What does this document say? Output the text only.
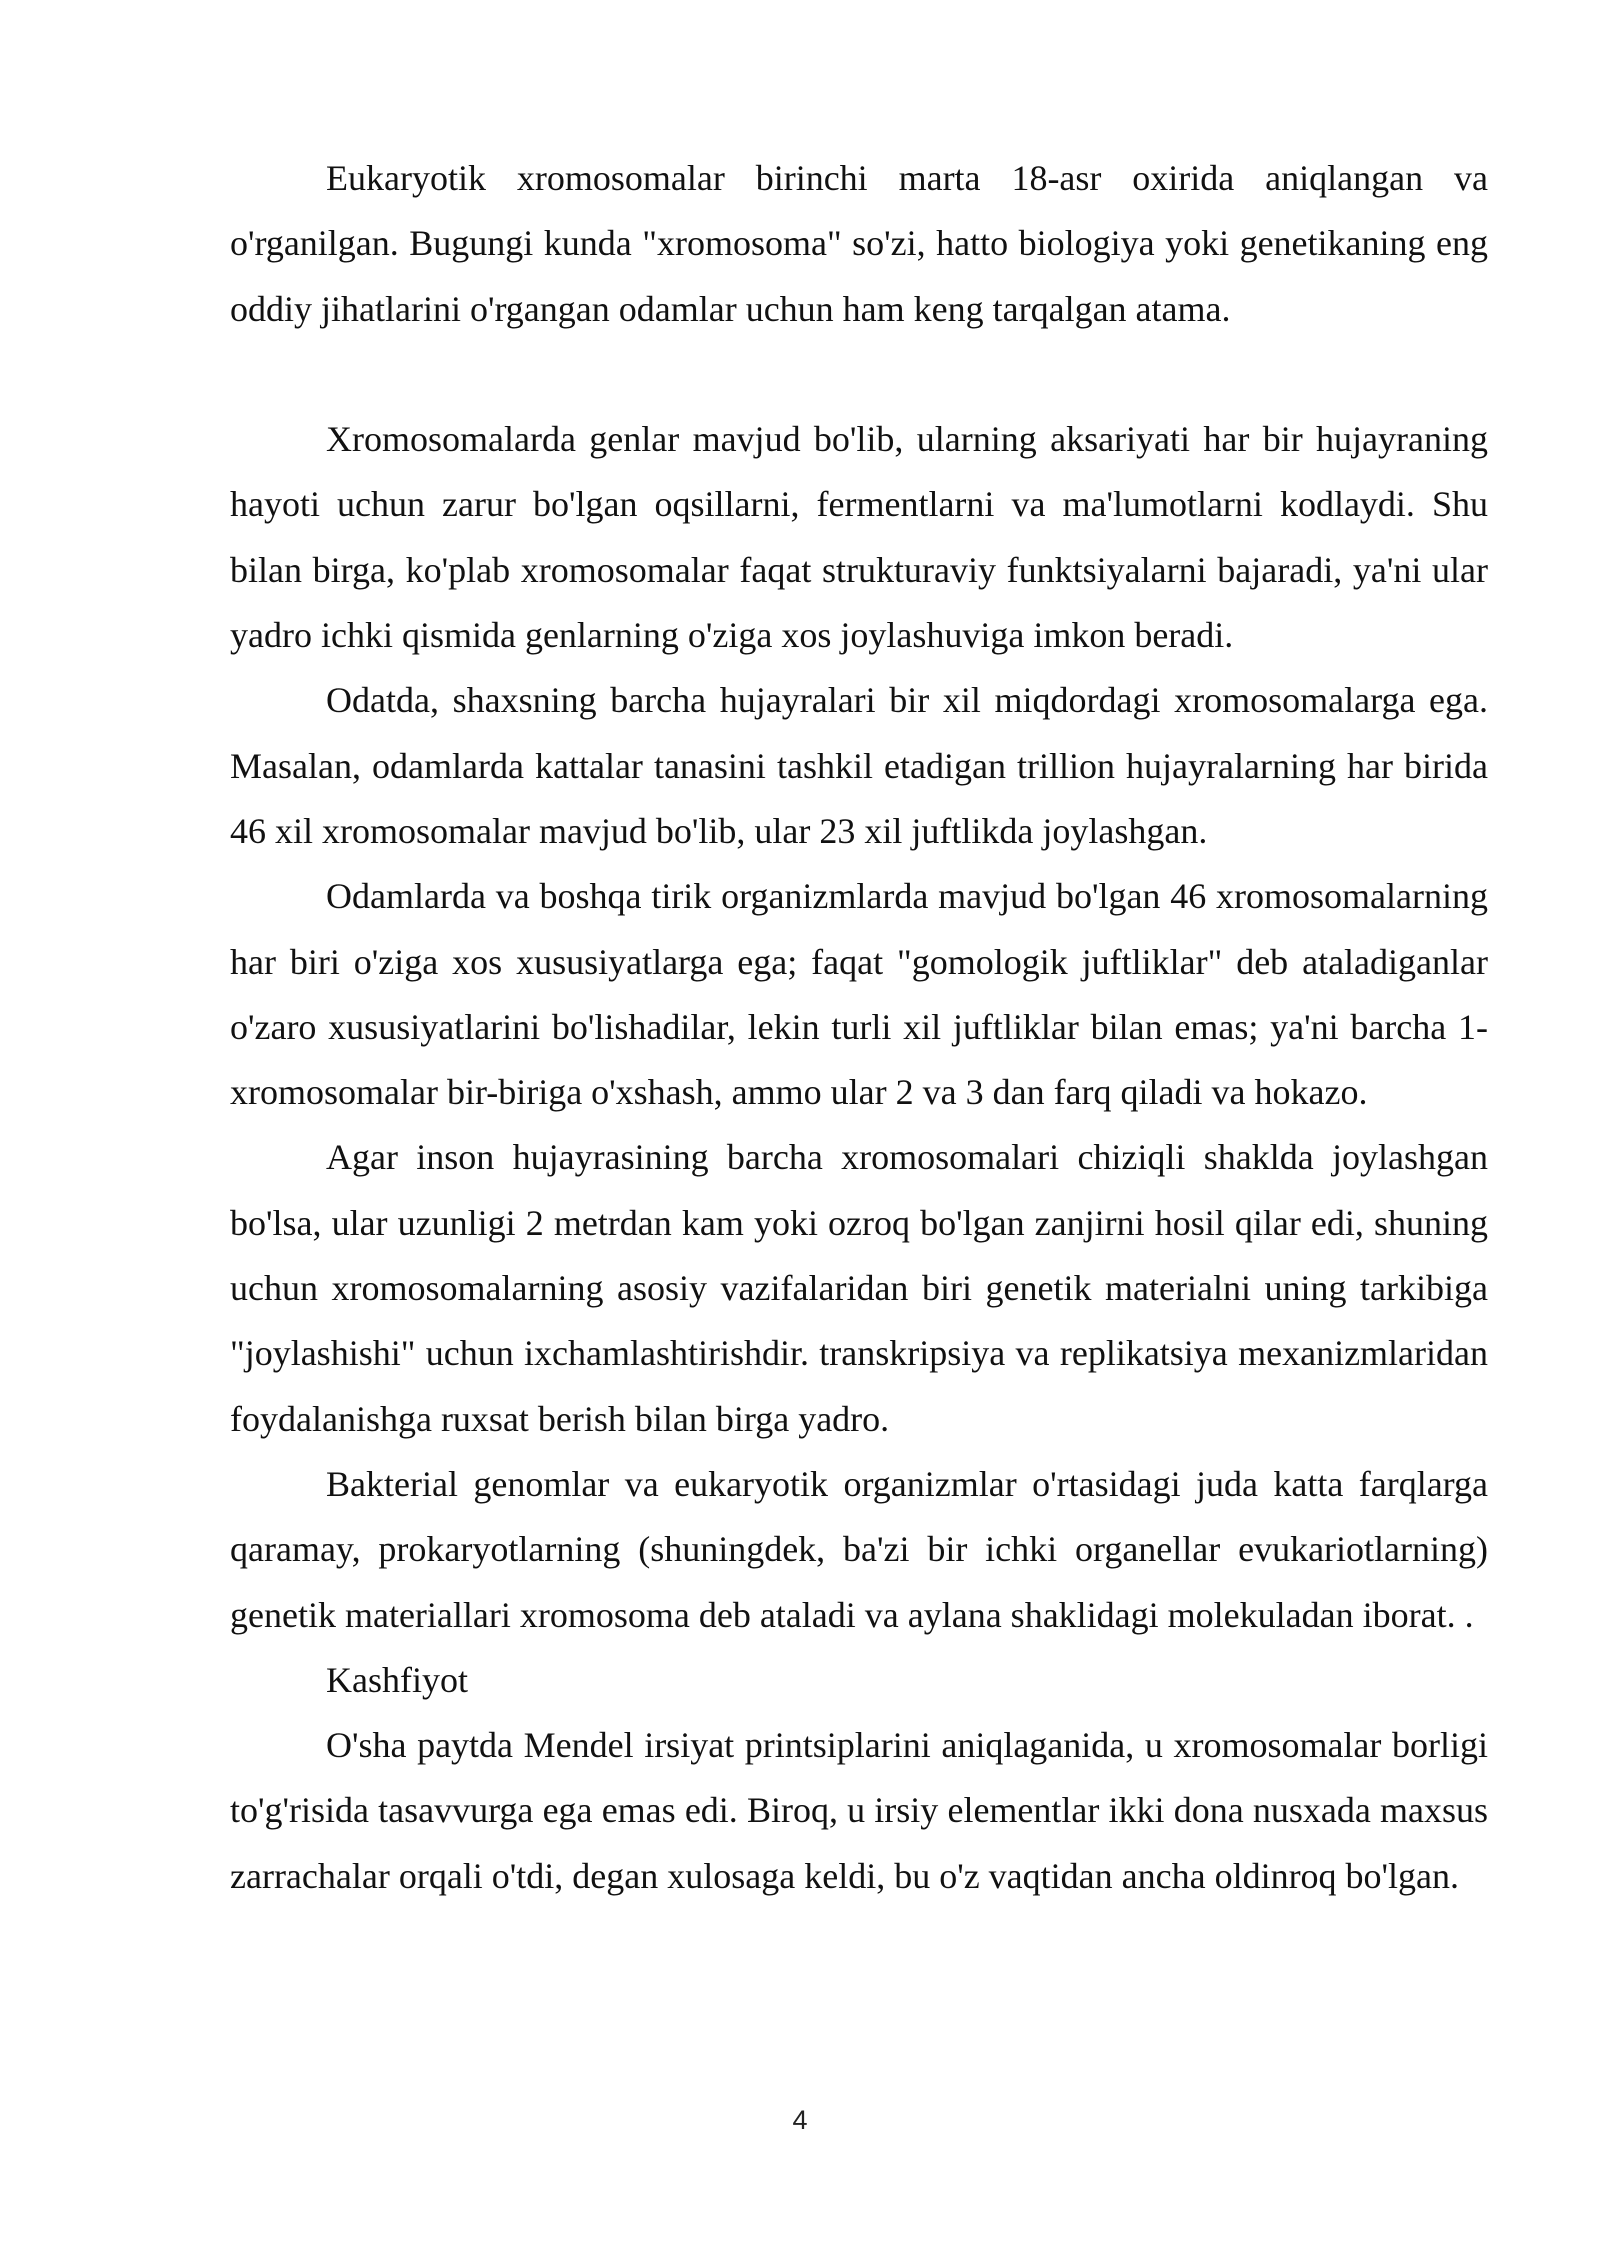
Eukaryotik xromosomalar birinchi marta 18-asr oxirida aniqlangan va o'rganilgan. Bugungi kunda "xromosoma" so'zi, hatto biologiya yoki genetikaning eng oddiy jihatlarini o'rgangan odamlar uchun ham keng tarqalgan atama.

Xromosomalarda genlar mavjud bo'lib, ularning aksariyati har bir hujayraning hayoti uchun zarur bo'lgan oqsillarni, fermentlarni va ma'lumotlarni kodlaydi. Shu bilan birga, ko'plab xromosomalar faqat strukturaviy funktsiyalarni bajaradi, ya'ni ular yadro ichki qismida genlarning o'ziga xos joylashuviga imkon beradi.

Odatda, shaxsning barcha hujayralari bir xil miqdordagi xromosomalarga ega. Masalan, odamlarda kattalar tanasini tashkil etadigan trillion hujayralarning har birida 46 xil xromosomalar mavjud bo'lib, ular 23 xil juftlikda joylashgan.

Odamlarda va boshqa tirik organizmlarda mavjud bo'lgan 46 xromosomalarning har biri o'ziga xos xususiyatlarga ega; faqat "gomologik juftliklar" deb ataladiganlar o'zaro xususiyatlarini bo'lishadilar, lekin turli xil juftliklar bilan emas; ya'ni barcha 1-xromosomalar bir-biriga o'xshash, ammo ular 2 va 3 dan farq qiladi va hokazo.

Agar inson hujayrasining barcha xromosomalari chiziqli shaklda joylashgan bo'lsa, ular uzunligi 2 metrdan kam yoki ozroq bo'lgan zanjirni hosil qilar edi, shuning uchun xromosomalarning asosiy vazifalaridan biri genetik materialni uning tarkibiga "joylashishi" uchun ixchamlashtirishdir. transkripsiya va replikatsiya mexanizmlaridan foydalanishga ruxsat berish bilan birga yadro.

Bakterial genomlar va eukaryotik organizmlar o'rtasidagi juda katta farqlarga qaramay, prokaryotlarning (shuningdek, ba'zi bir ichki organellar evukariotlarning) genetik materiallari xromosoma deb ataladi va aylana shaklidagi molekuladan iborat. .

Kashfiyot

O'sha paytda Mendel irsiyat printsiplarini aniqlaganida, u xromosomalar borligi to'g'risida tasavvurga ega emas edi. Biroq, u irsiy elementlar ikki dona nusxada maxsus zarrachalar orqali o'tdi, degan xulosaga keldi, bu o'z vaqtidan ancha oldinroq bo'lgan.

4
